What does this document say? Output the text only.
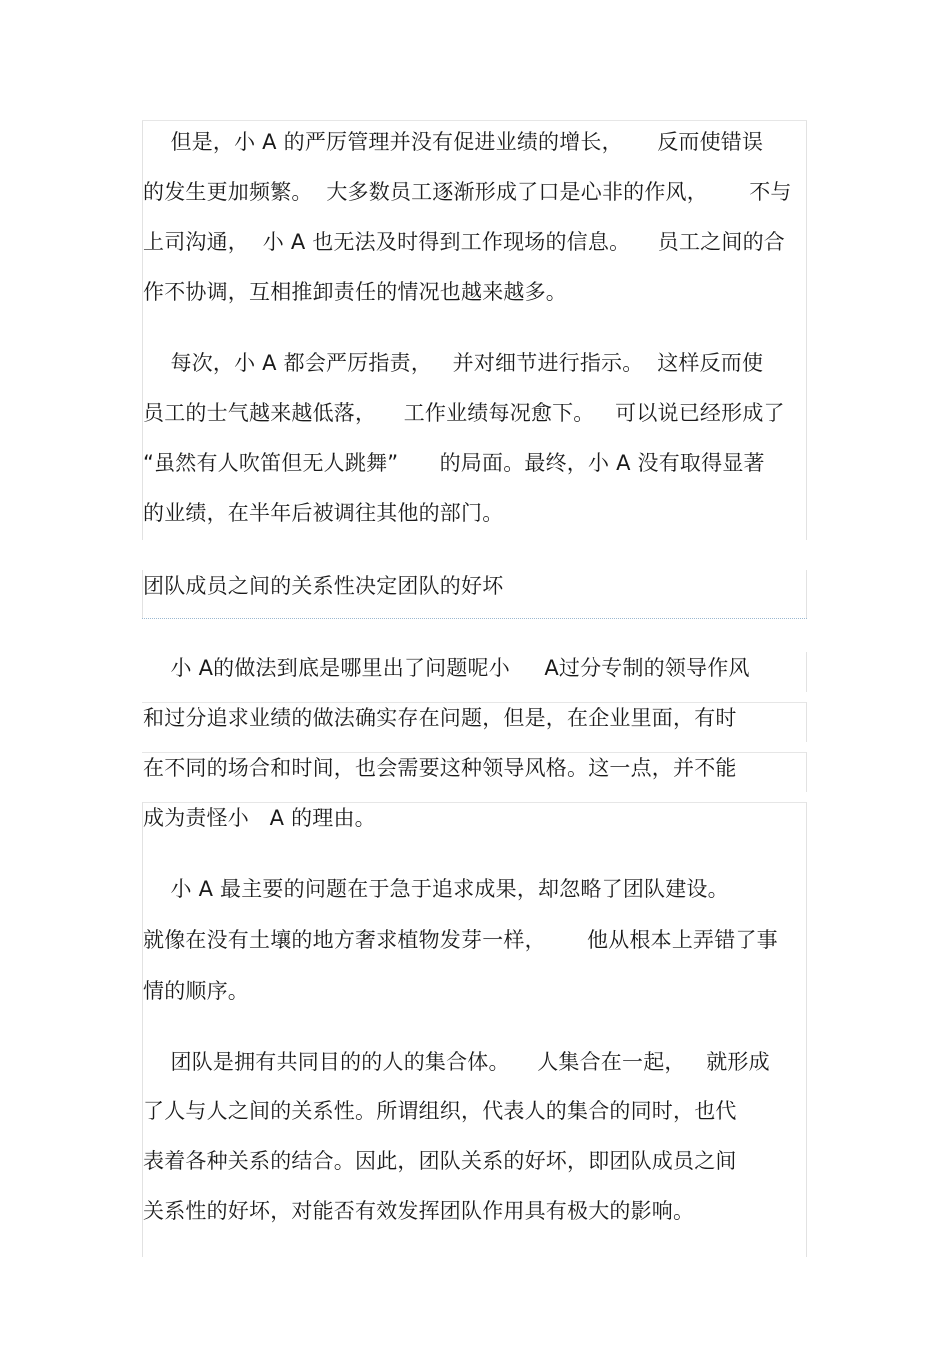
但是，小 A 的严厉管理并没有促进业绩的增长，     反而使错误
的发生更加频繁。  大多数员工逐渐形成了口是心非的作风，      不与
上司沟通，  小 A 也无法及时得到工作现场的信息。    员工之间的合
作不协调，互相推卸责任的情况也越来越多。
每次，小 A 都会严厉指责，   并对细节进行指示。  这样反而使
员工的士气越来越低落，    工作业绩每况愈下。   可以说已经形成了
“虽然有人吹笛但无人跳舞”      的局面。最终，小 A 没有取得显著
的业绩，在半年后被调往其他的部门。
团队成员之间的关系性决定团队的好坏
小 A的做法到底是哪里出了问题呢小     A过分专制的领导作风
和过分追求业绩的做法确实存在问题，但是，在企业里面，有时
在不同的场合和时间，也会需要这种领导风格。这一点，并不能
成为责怪小   A 的理由。
小 A 最主要的问题在于急于追求成果，却忽略了团队建设。
就像在没有土壤的地方奢求植物发芽一样，      他从根本上弄错了事
情的顺序。
团队是拥有共同目的的人的集合体。    人集合在一起，   就形成
了人与人之间的关系性。所谓组织，代表人的集合的同时，也代
表着各种关系的结合。因此，团队关系的好坏，即团队成员之间
关系性的好坏，对能否有效发挥团队作用具有极大的影响。
